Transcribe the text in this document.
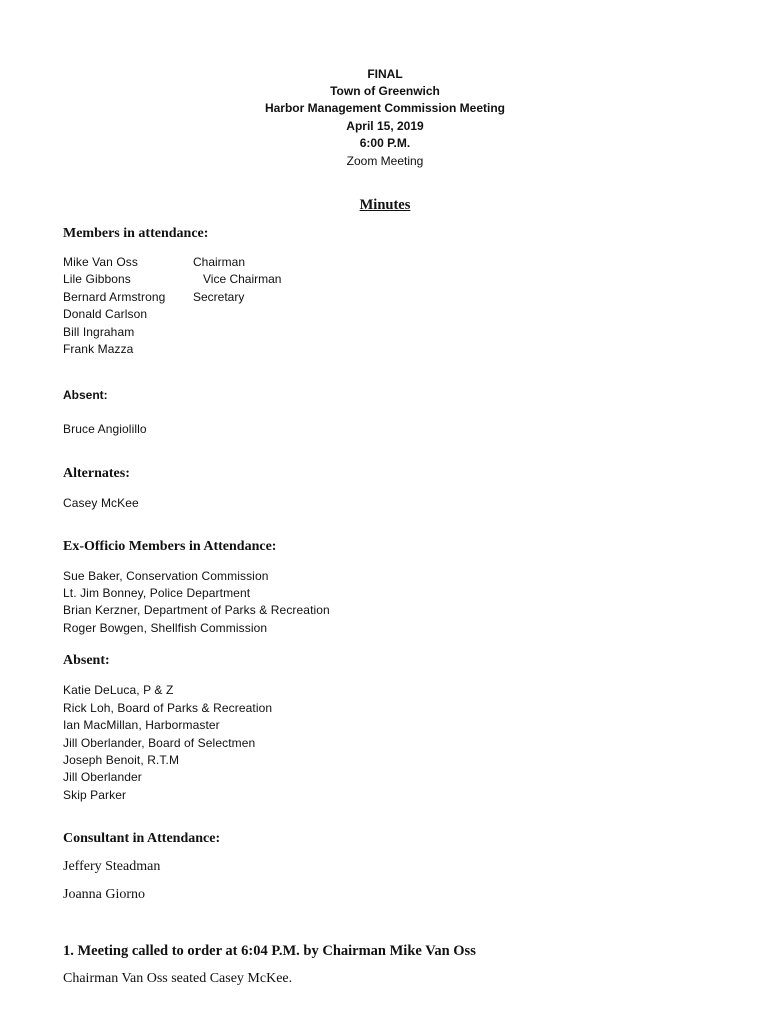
FINAL
Town of Greenwich
Harbor Management Commission Meeting
April 15, 2019
6:00 P.M.
Zoom Meeting
Minutes
Members in attendance:
Mike Van Oss	Chairman
Lile Gibbons	Vice Chairman
Bernard Armstrong Secretary
Donald Carlson
Bill Ingraham
Frank Mazza
Absent:
Bruce Angiolillo
Alternates:
Casey McKee
Ex-Officio Members in Attendance:
Sue Baker, Conservation Commission
Lt. Jim Bonney, Police Department
Brian Kerzner, Department of Parks & Recreation
Roger Bowgen, Shellfish Commission
Absent:
Katie DeLuca, P & Z
Rick Loh, Board of Parks & Recreation
Ian MacMillan, Harbormaster
Jill Oberlander, Board of Selectmen
Joseph Benoit, R.T.M
Jill Oberlander
Skip Parker
Consultant in Attendance:
Jeffery Steadman
Joanna Giorno
1. Meeting called to order at 6:04 P.M. by Chairman Mike Van Oss
Chairman Van Oss seated Casey McKee.
